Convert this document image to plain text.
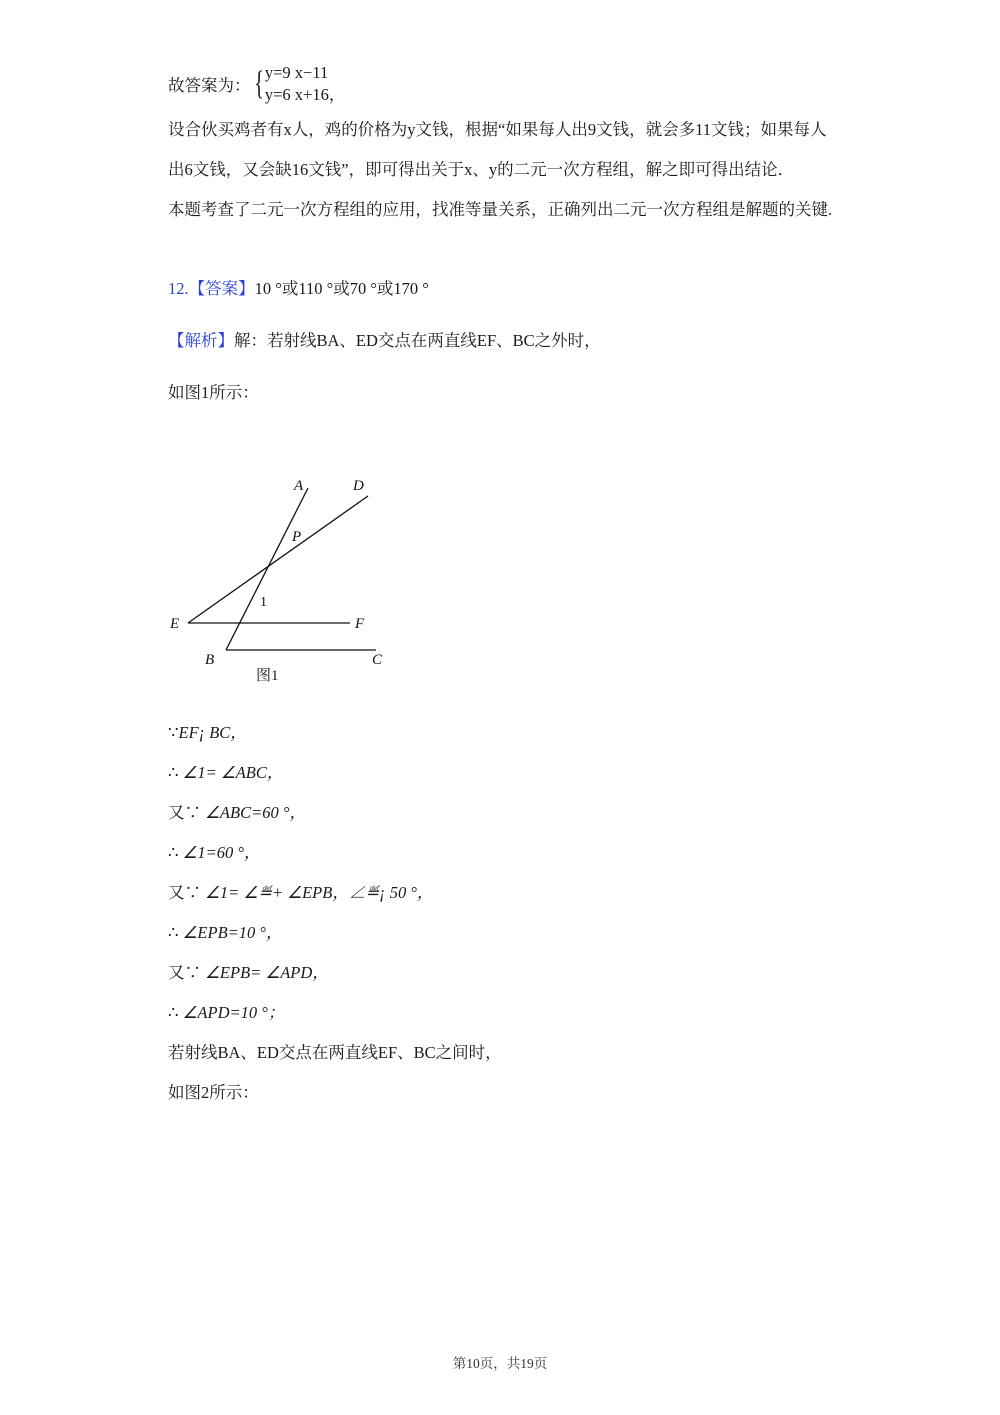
故答案为： { y=9 x−11
y=6 x+16，
设合伙买鸡者有x人，鸡的价格为y文钱，根据“如果每人出9文钱，就会多11文钱；如果每人出6文钱，又会缺16文钱”，即可得出关于x、y的二元一次方程组，解之即可得出结论．
本题考查了二元一次方程组的应用，找准等量关系，正确列出二元一次方程组是解题的关键.
12.【答案】10 °或110 °或70 °或170 °
【解析】解：若射线BA、ED交点在两直线EF、BC之外时，
如图1所示：
A	D
P
1
E	F
B	C
图1
∵EF¡ BC，
∴ ∠1= ∠ABC，
又∵ ∠ABC=60 °，
∴ ∠1=60 °，
又∵ ∠1= ∠≝+ ∠EPB，∠≝¡ 50 °，
∴ ∠EPB=10 °，
又∵ ∠EPB= ∠APD，
∴ ∠APD=10 °；
若射线BA、ED交点在两直线EF、BC之间时，
如图2所示：
第10页，共19页
